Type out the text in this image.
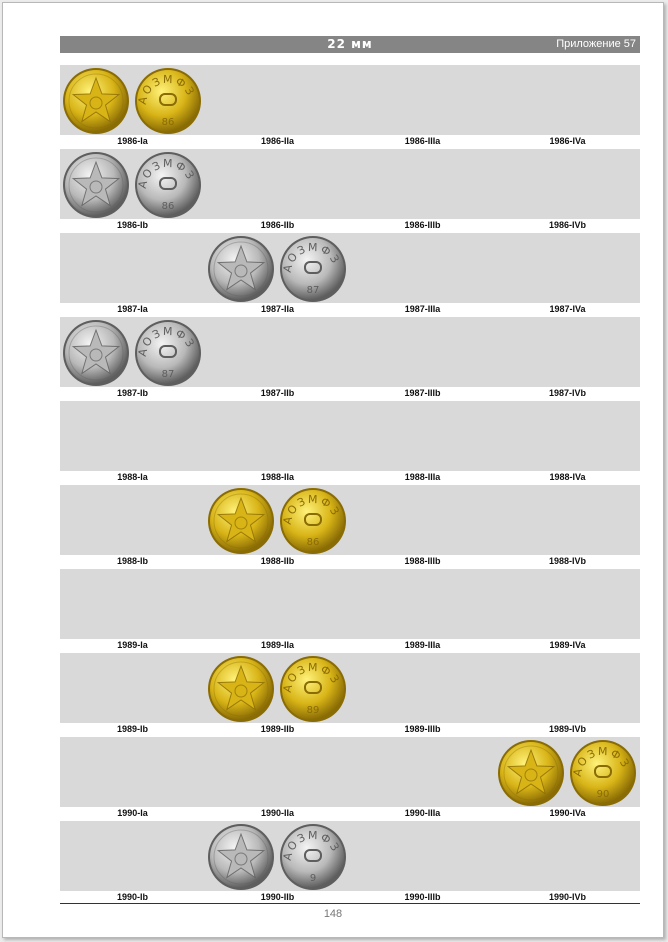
22 мм	Приложение 57
АОЗМФЗ
86
1986-Ia	1986-IIa	1986-IIIa	1986-IVa
АОЗМФЗ
86
1986-Ib	1986-IIb	1986-IIIb	1986-IVb
АОЗМФЗ
87
1987-Ia	1987-IIa	1987-IIIa	1987-IVa
АОЗМФЗ
87
1987-Ib	1987-IIb	1987-IIIb	1987-IVb
1988-Ia	1988-IIa	1988-IIIa	1988-IVa
АОЗМФЗ
86
1988-Ib	1988-IIb	1988-IIIb	1988-IVb
1989-Ia	1989-IIa	1989-IIIa	1989-IVa
АОЗМФЗ
89
1989-Ib	1989-IIb	1989-IIIb	1989-IVb
АОЗМФЗ
90
1990-Ia	1990-IIa	1990-IIIa	1990-IVa
АОЗМФЗ
9
1990-Ib	1990-IIb	1990-IIIb	1990-IVb
148
